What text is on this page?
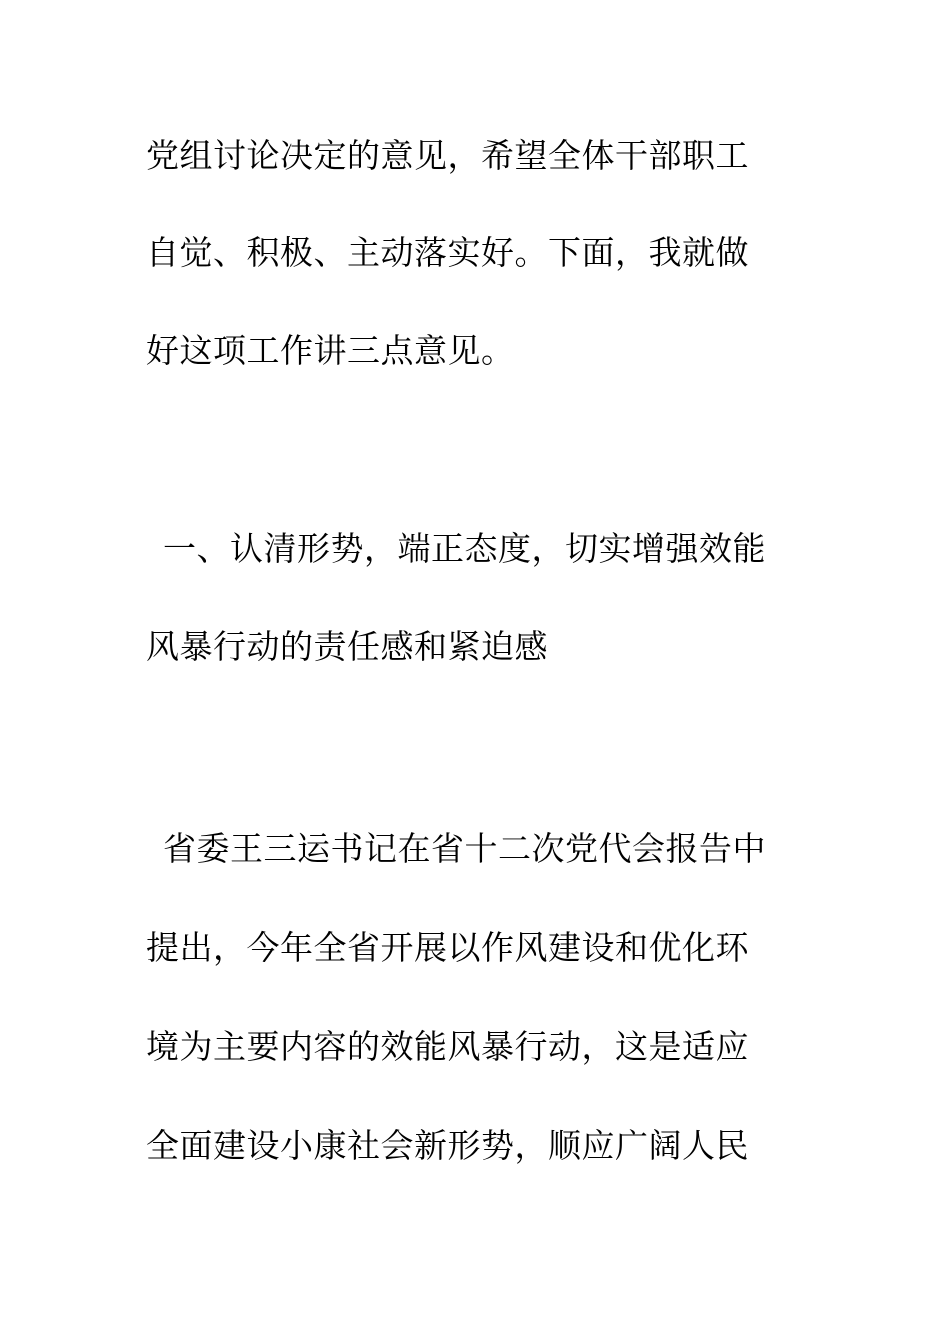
党组讨论决定的意见，希望全体干部职工
自觉、积极、主动落实好。下面，我就做
好这项工作讲三点意见。
一、认清形势，端正态度，切实增强效能
风暴行动的责任感和紧迫感
省委王三运书记在省十二次党代会报告中
提出，今年全省开展以作风建设和优化环
境为主要内容的效能风暴行动，这是适应
全面建设小康社会新形势，顺应广阔人民
